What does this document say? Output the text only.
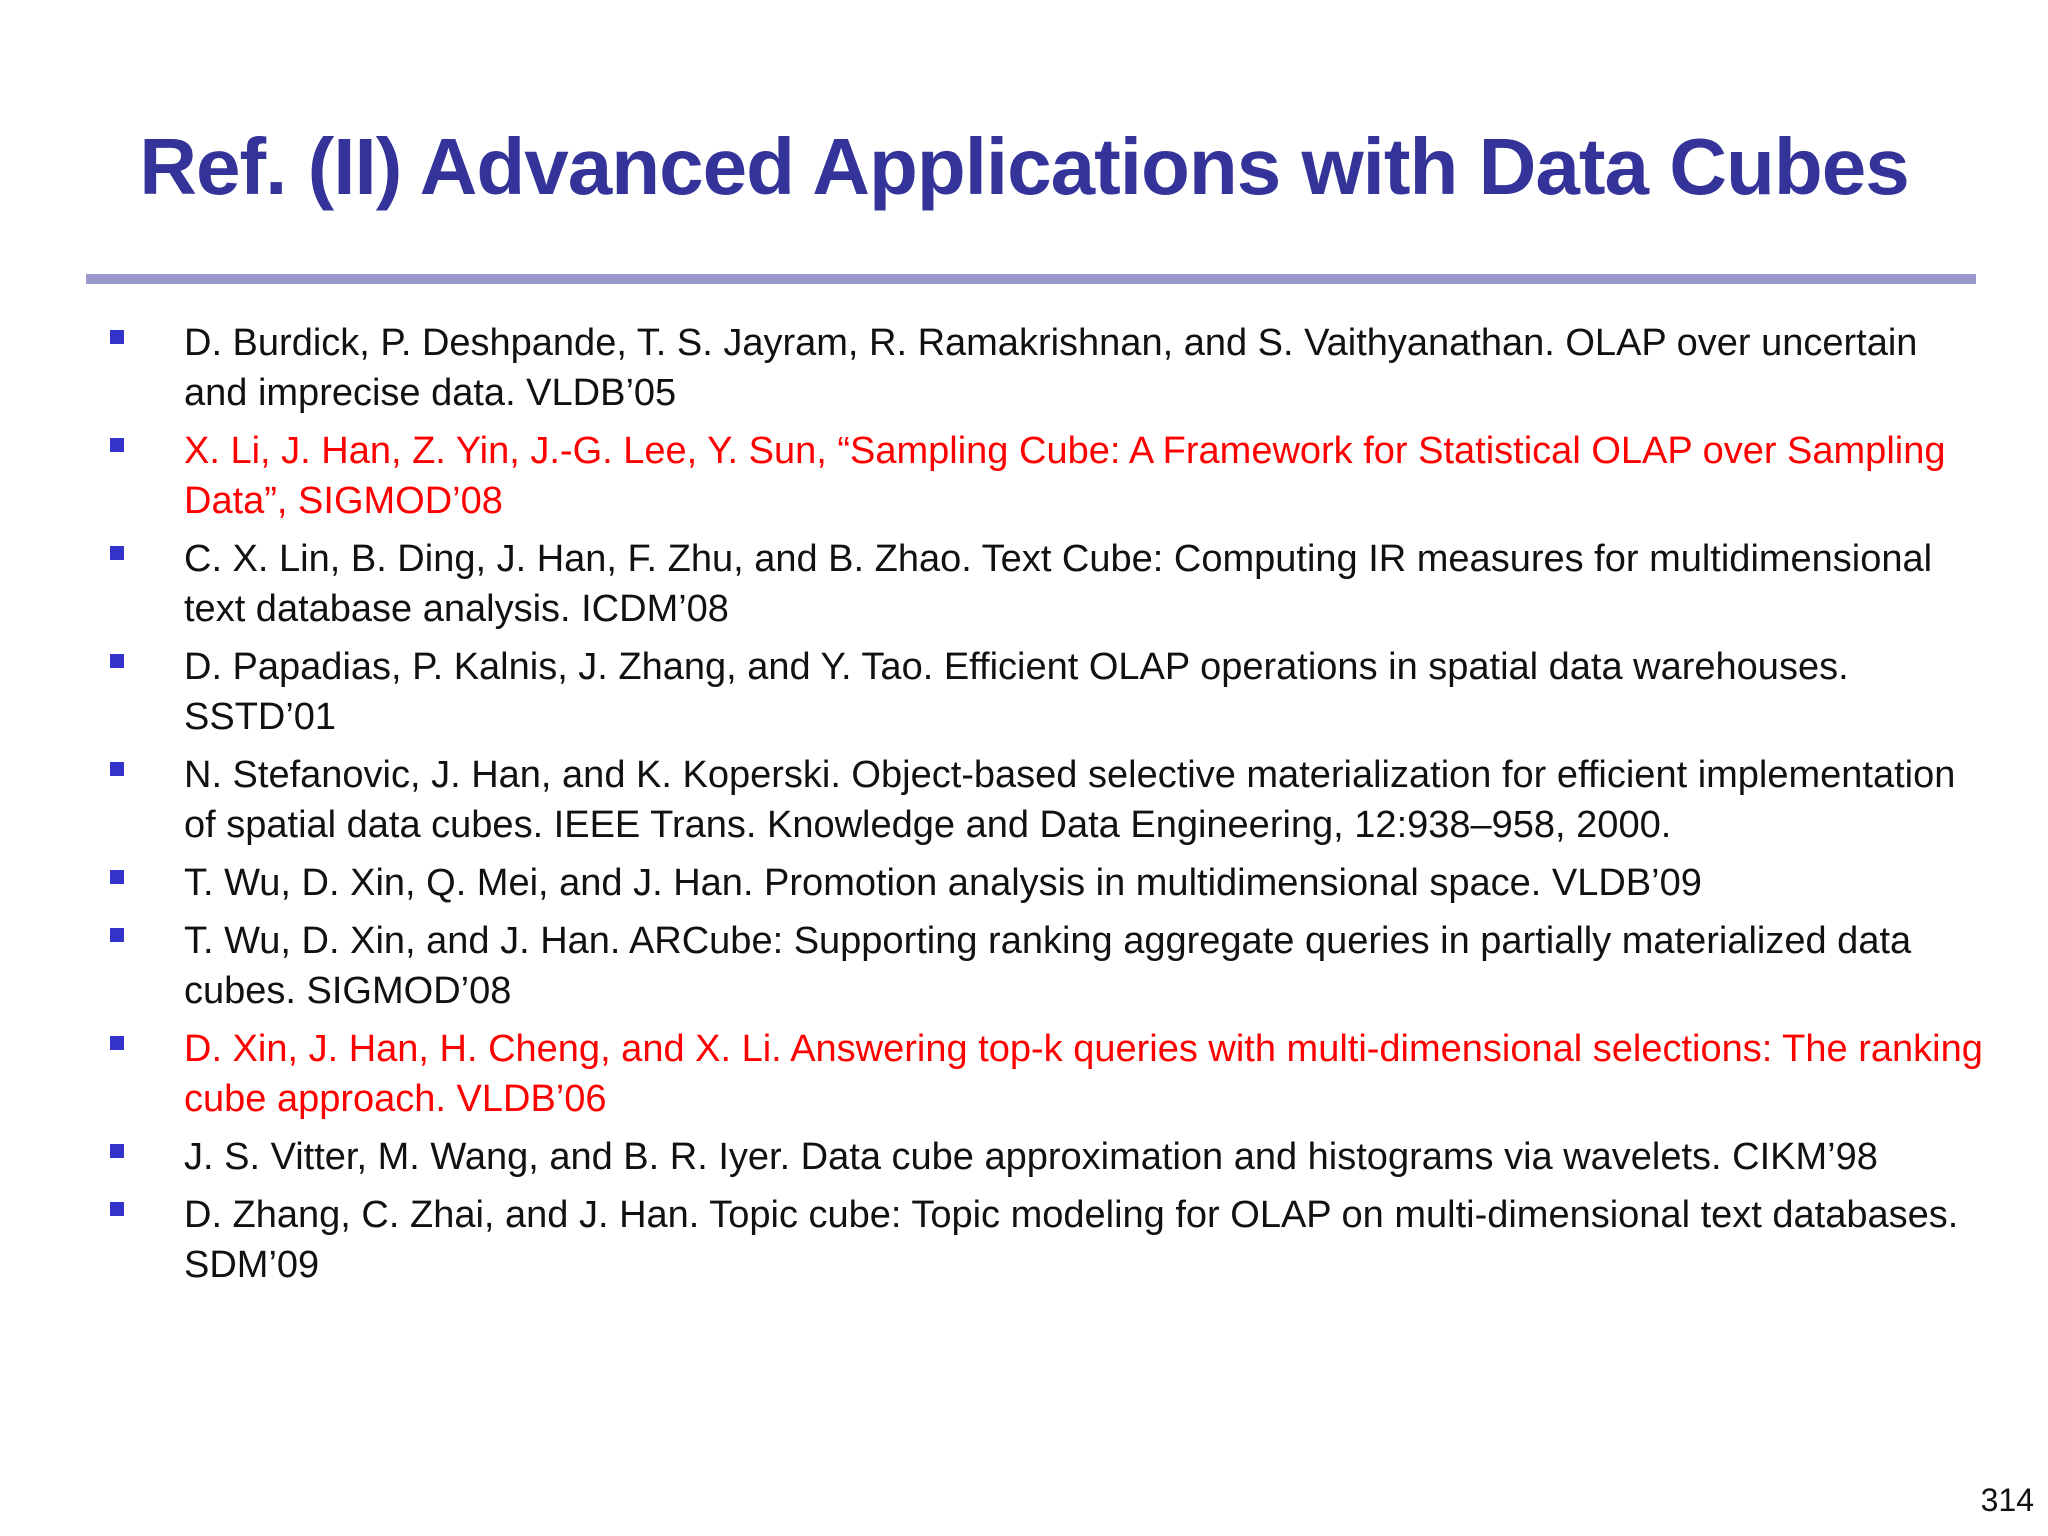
Ref. (II) Advanced Applications with Data Cubes
D. Burdick, P. Deshpande, T. S. Jayram, R. Ramakrishnan, and S. Vaithyanathan. OLAP over uncertain and imprecise data. VLDB’05
X. Li, J. Han, Z. Yin, J.-G. Lee, Y. Sun, “Sampling Cube: A Framework for Statistical OLAP over Sampling Data”, SIGMOD’08
C. X. Lin, B. Ding, J. Han, F. Zhu, and B. Zhao. Text Cube: Computing IR measures for multidimensional text database analysis. ICDM’08
D. Papadias, P. Kalnis, J. Zhang, and Y. Tao. Efficient OLAP operations in spatial data warehouses. SSTD’01
N. Stefanovic, J. Han, and K. Koperski. Object-based selective materialization for efficient implementation of spatial data cubes. IEEE Trans. Knowledge and Data Engineering, 12:938–958, 2000.
T. Wu, D. Xin, Q. Mei, and J. Han. Promotion analysis in multidimensional space. VLDB’09
T. Wu, D. Xin, and J. Han. ARCube: Supporting ranking aggregate queries in partially materialized data cubes. SIGMOD’08
D. Xin, J. Han, H. Cheng, and X. Li. Answering top-k queries with multi-dimensional selections: The ranking cube approach. VLDB’06
J. S. Vitter, M. Wang, and B. R. Iyer. Data cube approximation and histograms via wavelets. CIKM’98
D. Zhang, C. Zhai, and J. Han. Topic cube: Topic modeling for OLAP on multi-dimensional text databases. SDM’09
314
